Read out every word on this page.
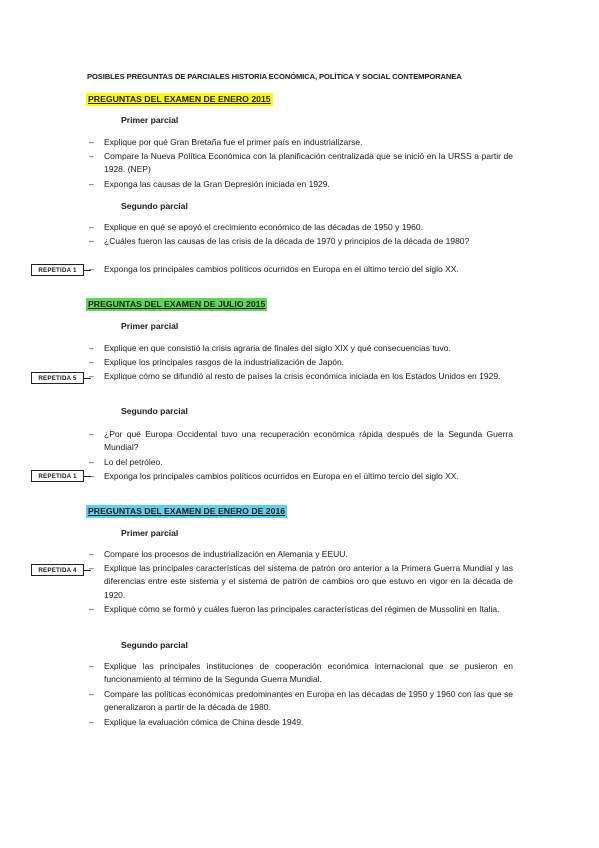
POSIBLES PREGUNTAS DE PARCIALES HISTORIA ECONÓMICA, POLÍTICA Y SOCIAL CONTEMPORANEA
PREGUNTAS DEL EXAMEN DE ENERO 2015
Primer parcial
–	Explique por qué Gran Bretaña fue el primer país en industrializarse.
–	Compare la Nueva Política Económica con la planificación centralizada que se inició en la URSS a partir de 1928. (NEP)
–	Exponga las causas de la Gran Depresión iniciada en 1929.
Segundo parcial
–	Explique en qué se apoyó el crecimiento económico de las décadas de 1950 y 1960.
–	¿Cuáles fueron las causas de las crisis de la década de 1970 y principios de la década de 1980?
REPETIDA 1	–	Exponga los principales cambios políticos ocurridos en Europa en el último tercio del siglo XX.
PREGUNTAS DEL EXAMEN DE JULIO 2015
Primer parcial
–	Explique en que consistió la crisis agraria de finales del siglo XIX y qué consecuencias tuvo.
–	Explique los principales rasgos de la industrialización de Japón.
REPETIDA 5	–	Explique cómo se difundió al resto de países la crisis económica iniciada en los Estados Unidos en 1929.
Segundo parcial
–	¿Por qué Europa Occidental tuvo una recuperación económica rápida después de la Segunda Guerra Mundial?
–	Lo del petróleo.
REPETIDA 1	–	Exponga los principales cambios políticos ocurridos en Europa en el último tercio del siglo XX.
PREGUNTAS DEL EXAMEN DE ENERO DE 2016
Primer parcial
–	Compare los procesos de industrialización en Alemania y EEUU.
REPETIDA 4	–	Explique las principales características del sistema de patrón oro anterior a la Primera Guerra Mundial y las diferencias entre este sistema y el sistema de patrón de cambios oro que estuvo en vigor en la década de 1920.
–	Explique cómo se formó y cuáles fueron las principales características del régimen de Mussolini en Italia.
Segundo parcial
–	Explique las principales instituciones de cooperación económica internacional que se pusieron en funcionamiento al término de la Segunda Guerra Mundial.
–	Compare las políticas económicas predominantes en Europa en las décadas de 1950 y 1960 con las que se generalizaron a partir de la década de 1980.
–	Explique la evaluación cómica de China desde 1949.
